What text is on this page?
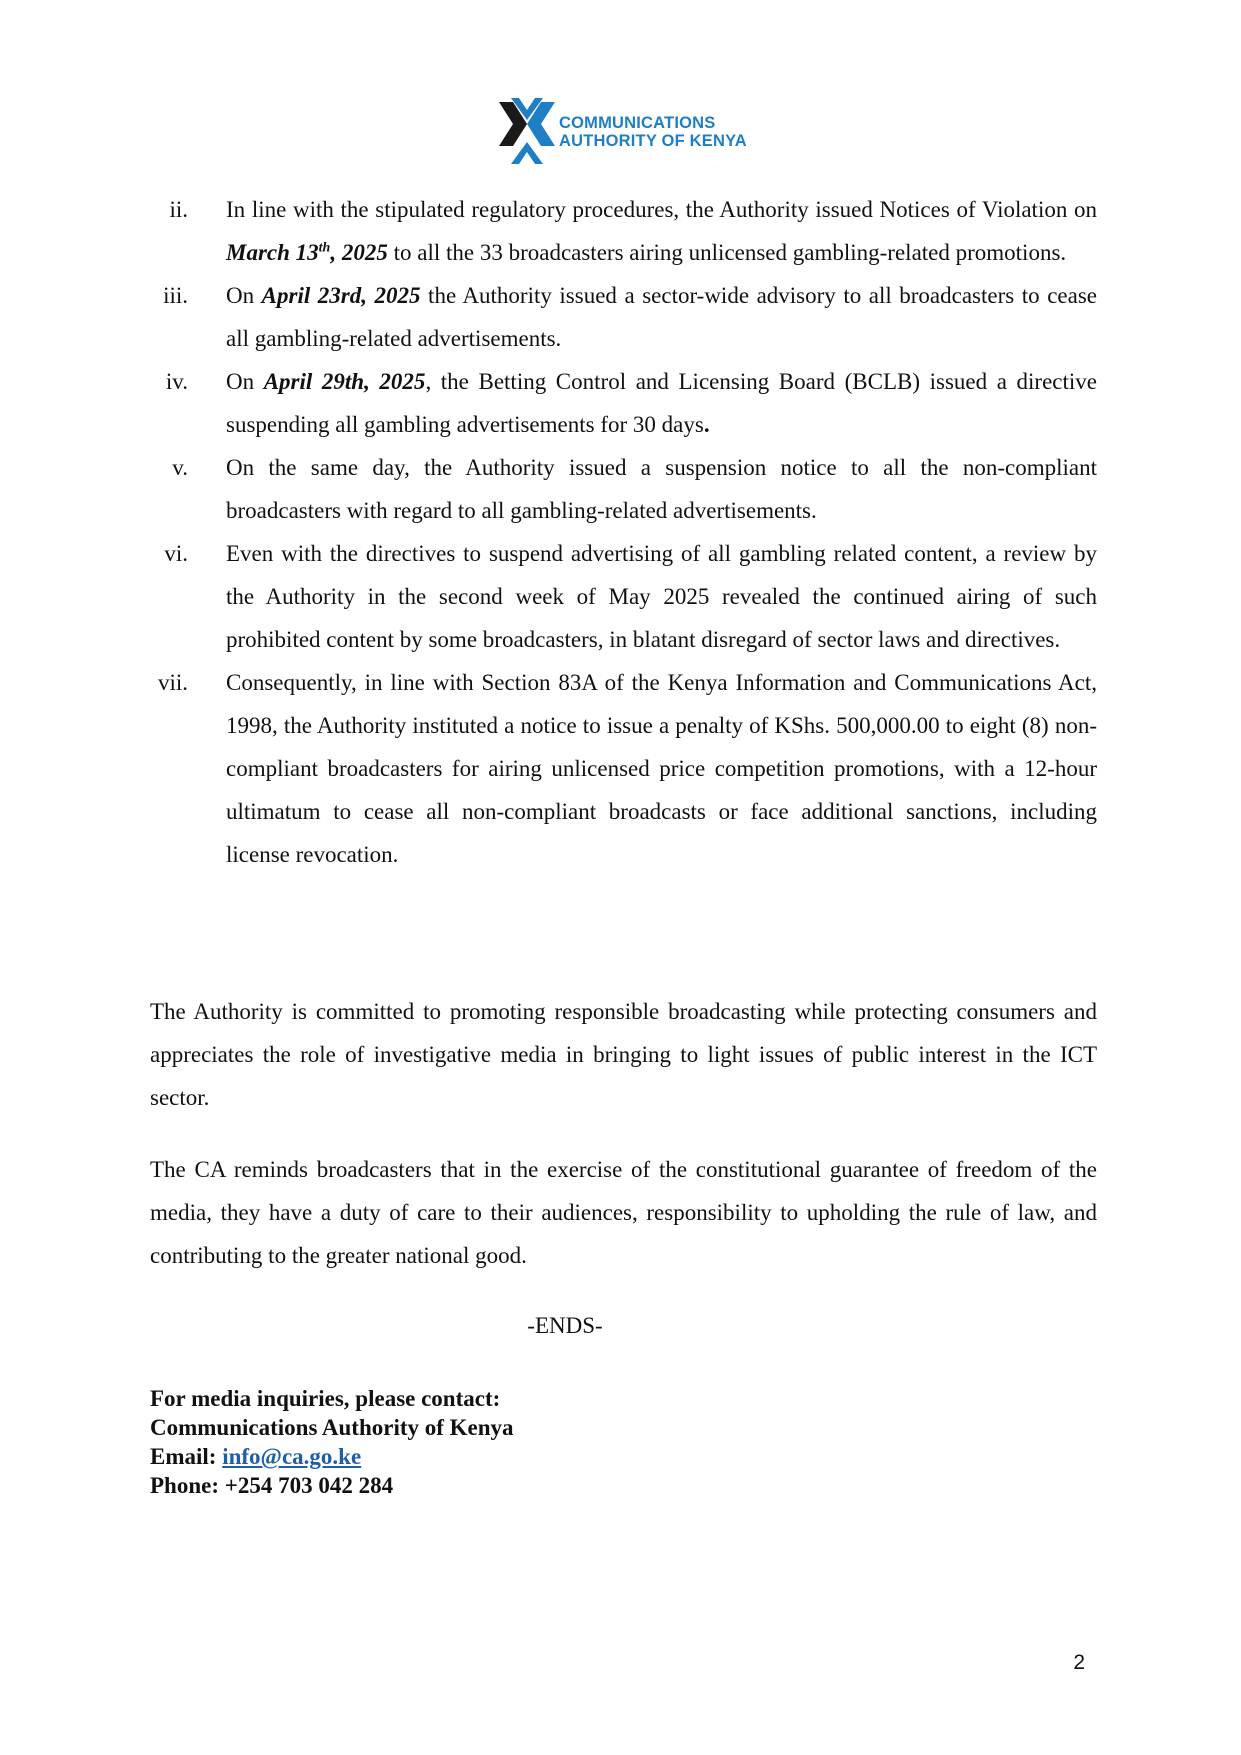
COMMUNICATIONS
AUTHORITY OF KENYA
ii. In line with the stipulated regulatory procedures, the Authority issued Notices of Violation on March 13th, 2025 to all the 33 broadcasters airing unlicensed gambling-related promotions.
iii. On April 23rd, 2025 the Authority issued a sector-wide advisory to all broadcasters to cease all gambling-related advertisements.
iv. On April 29th, 2025, the Betting Control and Licensing Board (BCLB) issued a directive suspending all gambling advertisements for 30 days.
v. On the same day, the Authority issued a suspension notice to all the non-compliant broadcasters with regard to all gambling-related advertisements.
vi. Even with the directives to suspend advertising of all gambling related content, a review by the Authority in the second week of May 2025 revealed the continued airing of such prohibited content by some broadcasters, in blatant disregard of sector laws and directives.
vii. Consequently, in line with Section 83A of the Kenya Information and Communications Act, 1998, the Authority instituted a notice to issue a penalty of KShs. 500,000.00 to eight (8) non-compliant broadcasters for airing unlicensed price competition promotions, with a 12-hour ultimatum to cease all non-compliant broadcasts or face additional sanctions, including license revocation.
The Authority is committed to promoting responsible broadcasting while protecting consumers and appreciates the role of investigative media in bringing to light issues of public interest in the ICT sector.
The CA reminds broadcasters that in the exercise of the constitutional guarantee of freedom of the media, they have a duty of care to their audiences, responsibility to upholding the rule of law, and contributing to the greater national good.
-ENDS-
For media inquiries, please contact:
Communications Authority of Kenya
Email: info@ca.go.ke
Phone: +254 703 042 284
2
